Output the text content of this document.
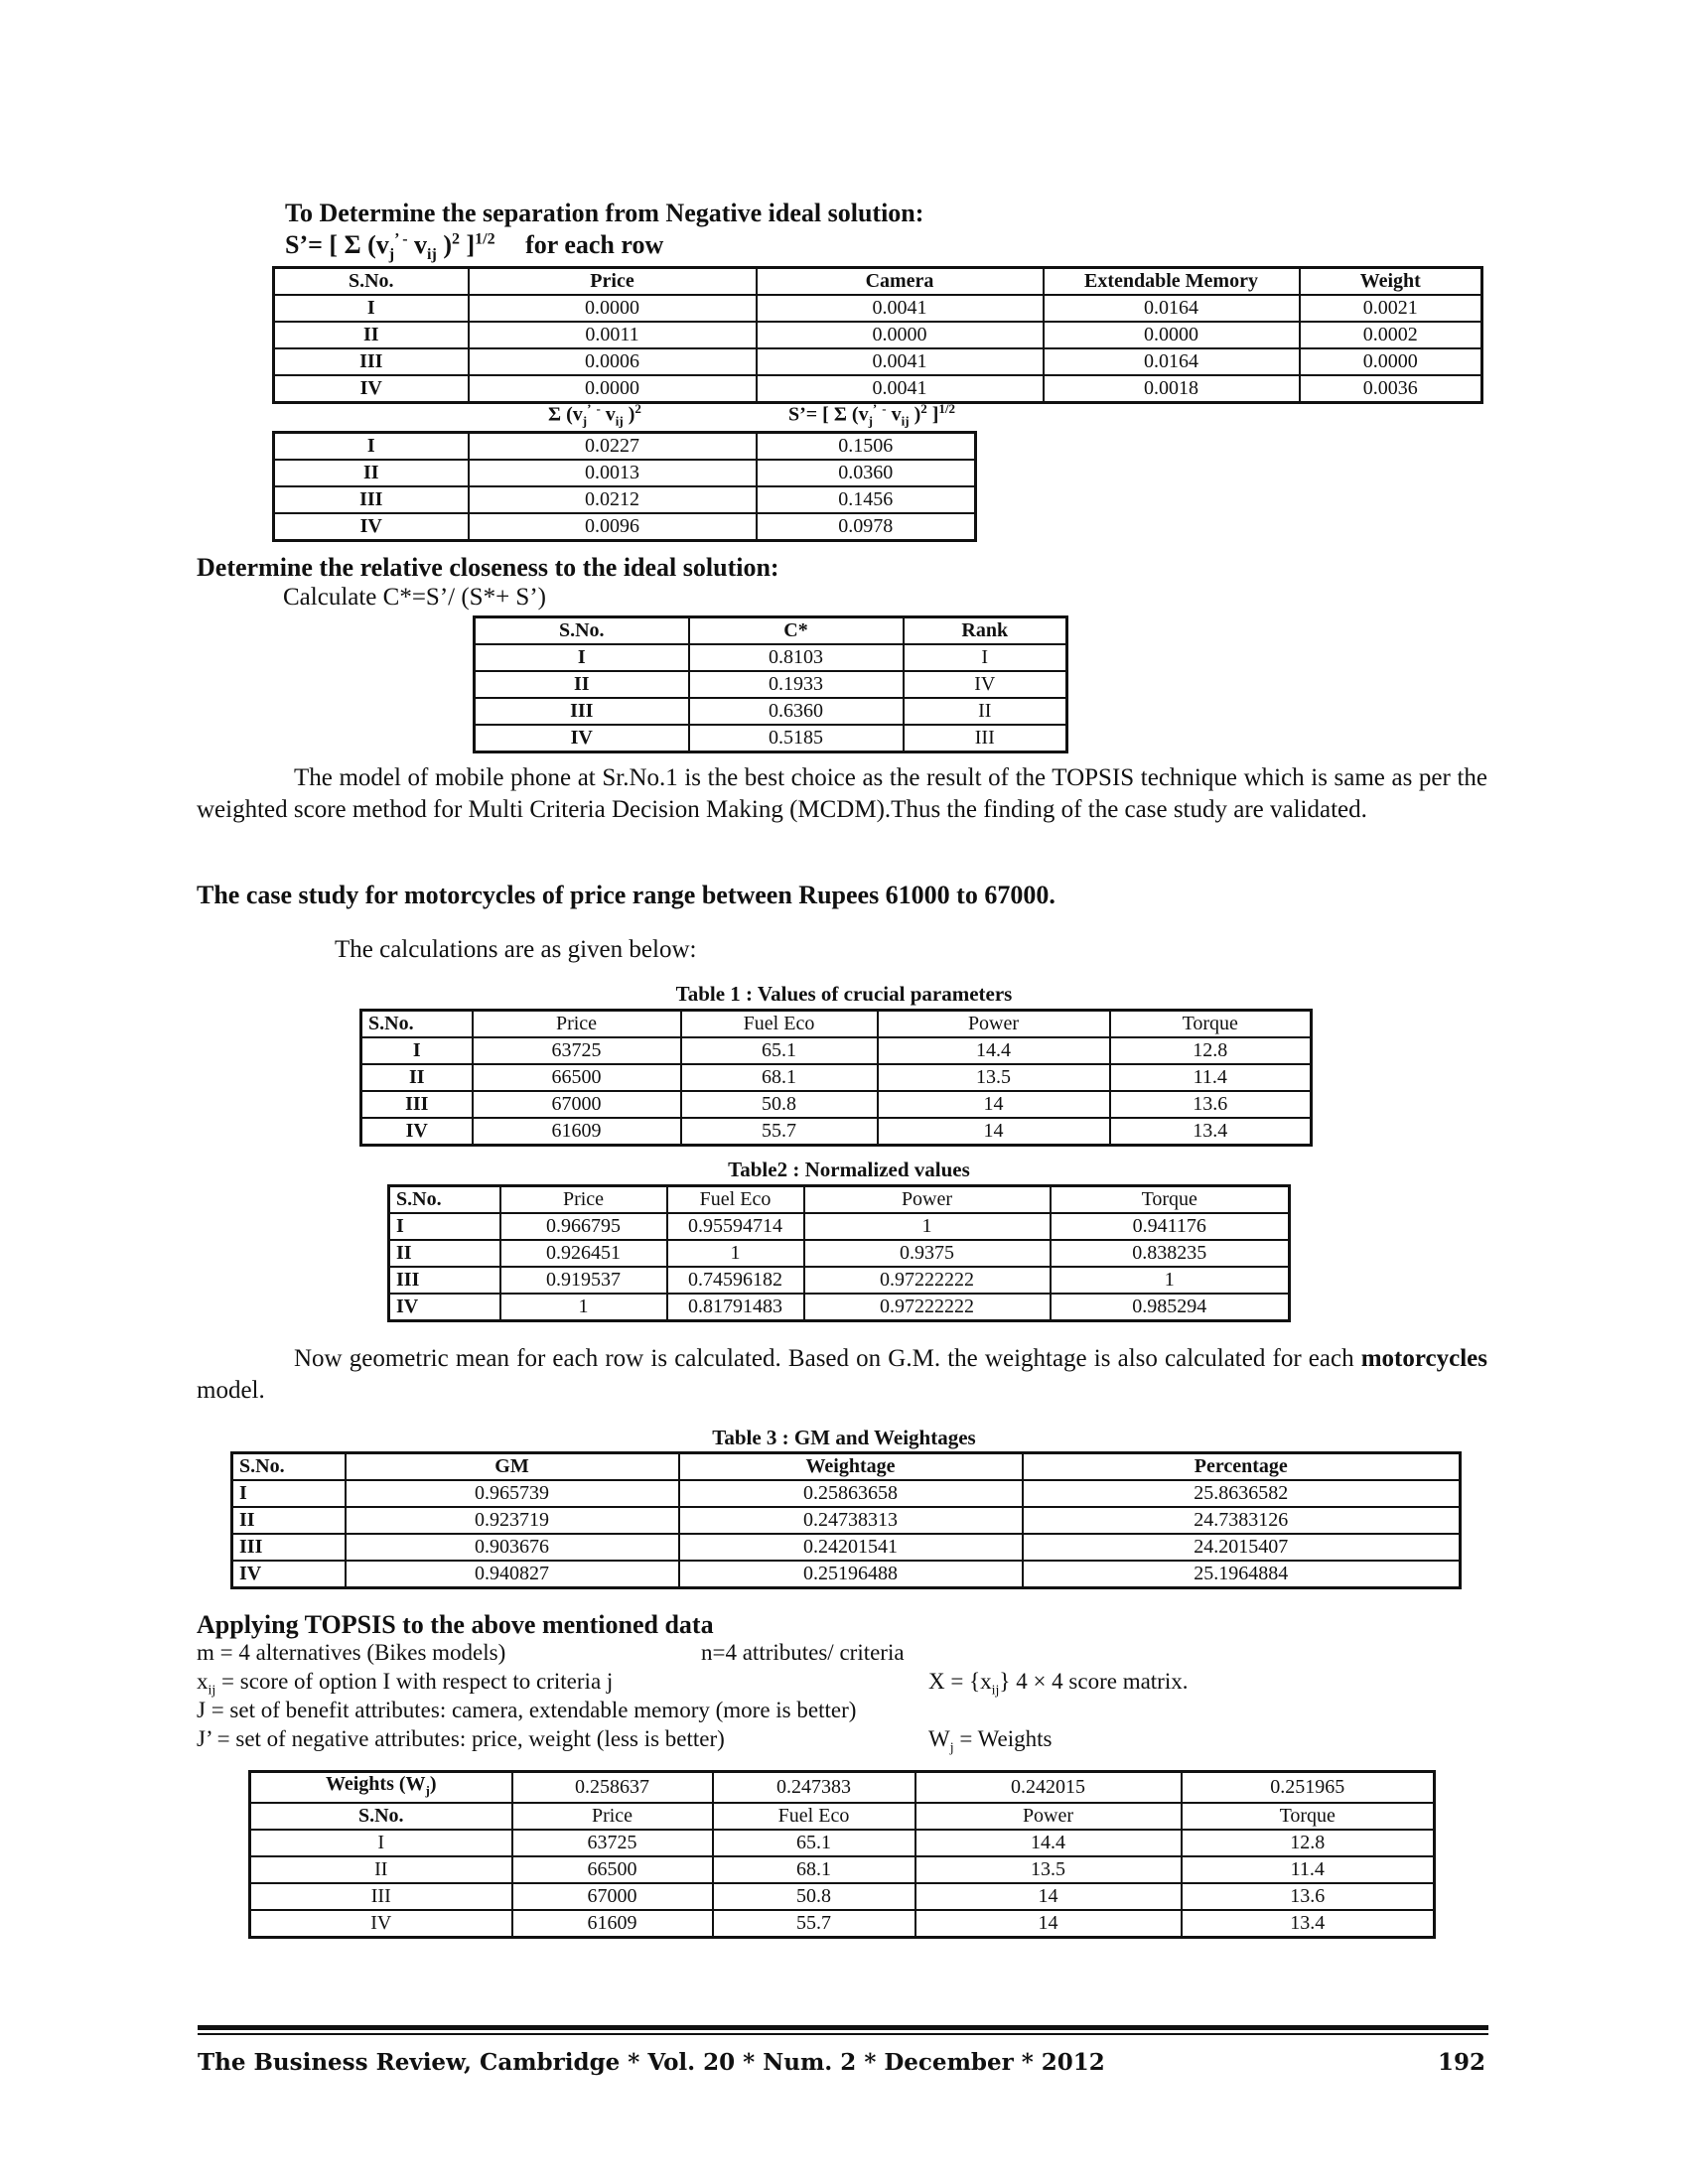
To Determine the separation from Negative ideal solution:
S’= [ Σ ($v_j^{’ -}$ $v_{ij}$ )$^2$ ]$^{1/2}$ for each row
S.No.	Price	Camera	Extendable Memory	Weight
I	0.0000	0.0041	0.0164	0.0021
II	0.0011	0.0000	0.0000	0.0002
III	0.0006	0.0041	0.0164	0.0000
IV	0.0000	0.0041	0.0018	0.0036
Σ ($v_j^’$ - $v_{ij}$ )$^2$	S’= [ Σ ($v_j^’$ - $v_{ij}$ )$^2$ ]$^{1/2}$
I	0.0227	0.1506
II	0.0013	0.0360
III	0.0212	0.1456
IV	0.0096	0.0978
Determine the relative closeness to the ideal solution:
Calculate C*=S’/ (S*+ S’)
S.No.	C*	Rank
I	0.8103	I
II	0.1933	IV
III	0.6360	II
IV	0.5185	III
The model of mobile phone at Sr.No.1 is the best choice as the result of the TOPSIS technique which is same as per the weighted score method for Multi Criteria Decision Making (MCDM).Thus the finding of the case study are validated.
The case study for motorcycles of price range between Rupees 61000 to 67000.
The calculations are as given below:
Table 1 : Values of crucial parameters
S.No.	Price	Fuel Eco	Power	Torque
I	63725	65.1	14.4	12.8
II	66500	68.1	13.5	11.4
III	67000	50.8	14	13.6
IV	61609	55.7	14	13.4
Table2 : Normalized values
S.No.	Price	Fuel Eco	Power	Torque
I	0.966795	0.95594714	1	0.941176
II	0.926451	1	0.9375	0.838235
III	0.919537	0.74596182	0.97222222	1
IV	1	0.81791483	0.97222222	0.985294
Now geometric mean for each row is calculated. Based on G.M. the weightage is also calculated for each motorcycles model.
Table 3 : GM and Weightages
S.No.	GM	Weightage	Percentage
I	0.965739	0.25863658	25.8636582
II	0.923719	0.24738313	24.7383126
III	0.903676	0.24201541	24.2015407
IV	0.940827	0.25196488	25.1964884
Applying TOPSIS to the above mentioned data
m = 4 alternatives (Bikes models)	n=4 attributes/ criteria
$x_{ij}$ = score of option I with respect to criteria j	$X = \{x_{ij}\} 4 \times 4$ score matrix.
J = set of benefit attributes: camera, extendable memory (more is better)
J’ = set of negative attributes: price, weight (less is better)	$W_j$ = Weights
Weights $(W_j)$	0.258637	0.247383	0.242015	0.251965
S.No.	Price	Fuel Eco	Power	Torque
I	63725	65.1	14.4	12.8
II	66500	68.1	13.5	11.4
III	67000	50.8	14	13.6
IV	61609	55.7	14	13.4
The Business Review, Cambridge * Vol. 20 * Num. 2 * December * 2012	192
